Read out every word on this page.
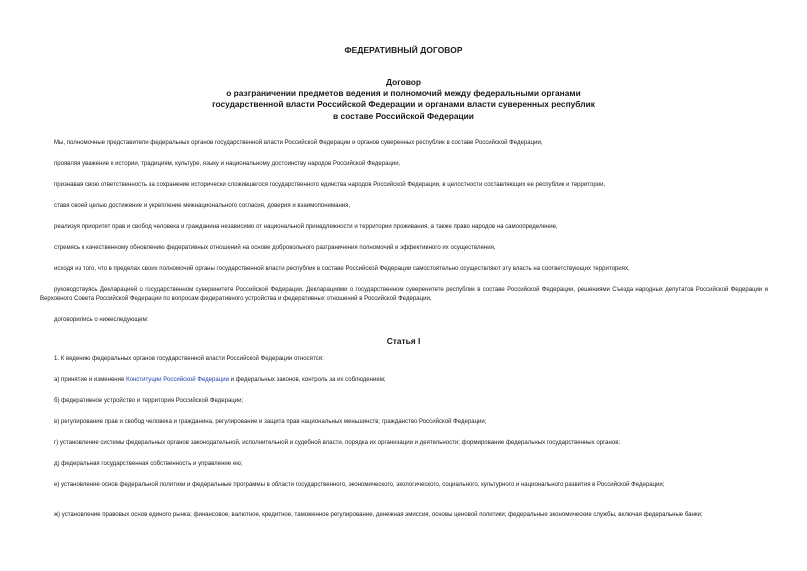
ФЕДЕРАТИВНЫЙ ДОГОВОР
Договор
о разграничении предметов ведения и полномочий между федеральными органами
государственной власти Российской Федерации и органами власти суверенных республик
в составе Российской Федерации
Мы, полномочные представители федеральных органов государственной власти Российской Федерации и органов суверенных республик в составе Российской Федерации,
проявляя уважение к истории, традициям, культуре, языку и национальному достоинству народов Российской Федерации,
признавая свою ответственность за сохранение исторически сложившегося государственного единства народов Российской Федерации, в целостности составляющих ее республик и территории,
ставя своей целью достижение и укрепление межнационального согласия, доверия и взаимопонимания,
реализуя приоритет прав и свобод человека и гражданина независимо от национальной принадлежности и территории проживания, а также право народов на самоопределение,
стремясь к качественному обновлению федеративных отношений на основе добровольного разграничения полномочий и эффективного их осуществления,
исходя из того, что в пределах своих полномочий органы государственной власти республик в составе Российской Федерации самостоятельно осуществляют эту власть на соответствующих территориях,
руководствуясь Декларацией о государственном суверенитете Российской Федерации, Декларациями о государственном суверенитете республик в составе Российской Федерации, решениями Съезда народных депутатов Российской Федерации и Верховного Совета Российской Федерации по вопросам федеративного устройства и федеративных отношений в Российской Федерации,
договорились о нижеследующем:
Статья I
1. К ведению федеральных органов государственной власти Российской Федерации относятся:
а) принятие и изменение Конституции Российской Федерации и федеральных законов, контроль за их соблюдением;
б) федеративное устройство и территория Российской Федерации;
в) регулирование прав и свобод человека и гражданина, регулирование и защита прав национальных меньшинств; гражданство Российской Федерации;
г) установление системы федеральных органов законодательной, исполнительной и судебной власти, порядка их организации и деятельности; формирование федеральных государственных органов;
д) федеральная государственная собственность и управление ею;
е) установление основ федеральной политики и федеральные программы в области государственного, экономического, экологического, социального, культурного и национального развития в Российской Федерации;
ж) установление правовых основ единого рынка; финансовое, валютное, кредитное, таможенное регулирование, денежная эмиссия, основы ценовой политики; федеральные экономические службы, включая федеральные банки;
